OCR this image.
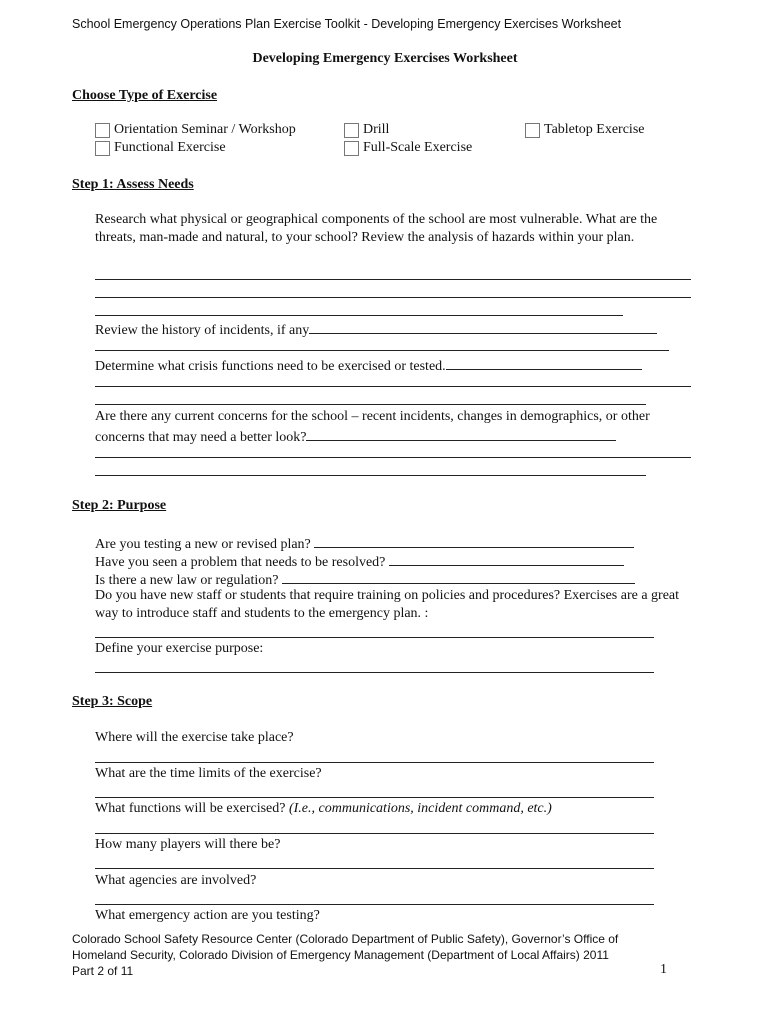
School Emergency Operations Plan Exercise Toolkit - Developing Emergency Exercises Worksheet
Developing Emergency Exercises Worksheet
Choose Type of Exercise
Orientation Seminar / Workshop	Drill	Tabletop Exercise
Functional Exercise	Full-Scale Exercise
Step 1: Assess Needs
Research what physical or geographical components of the school are most vulnerable. What are the threats, man-made and natural, to your school? Review the analysis of hazards within your plan.
Review the history of incidents, if any
Determine what crisis functions need to be exercised or tested.
Are there any current concerns for the school – recent incidents, changes in demographics, or other
concerns that may need a better look?
Step 2: Purpose
Are you testing a new or revised plan?
Have you seen a problem that needs to be resolved?
Is there a new law or regulation?
Do you have new staff or students that require training on policies and procedures? Exercises are a great way to introduce staff and students to the emergency plan. :
Define your exercise purpose:
Step 3: Scope
Where will the exercise take place?
What are the time limits of the exercise?
What functions will be exercised? (I.e., communications, incident command, etc.)
How many players will there be?
What agencies are involved?
What emergency action are you testing?
Colorado School Safety Resource Center (Colorado Department of Public Safety), Governor’s Office of
Homeland Security, Colorado Division of Emergency Management (Department of Local Affairs) 2011
Part 2 of 11	1
